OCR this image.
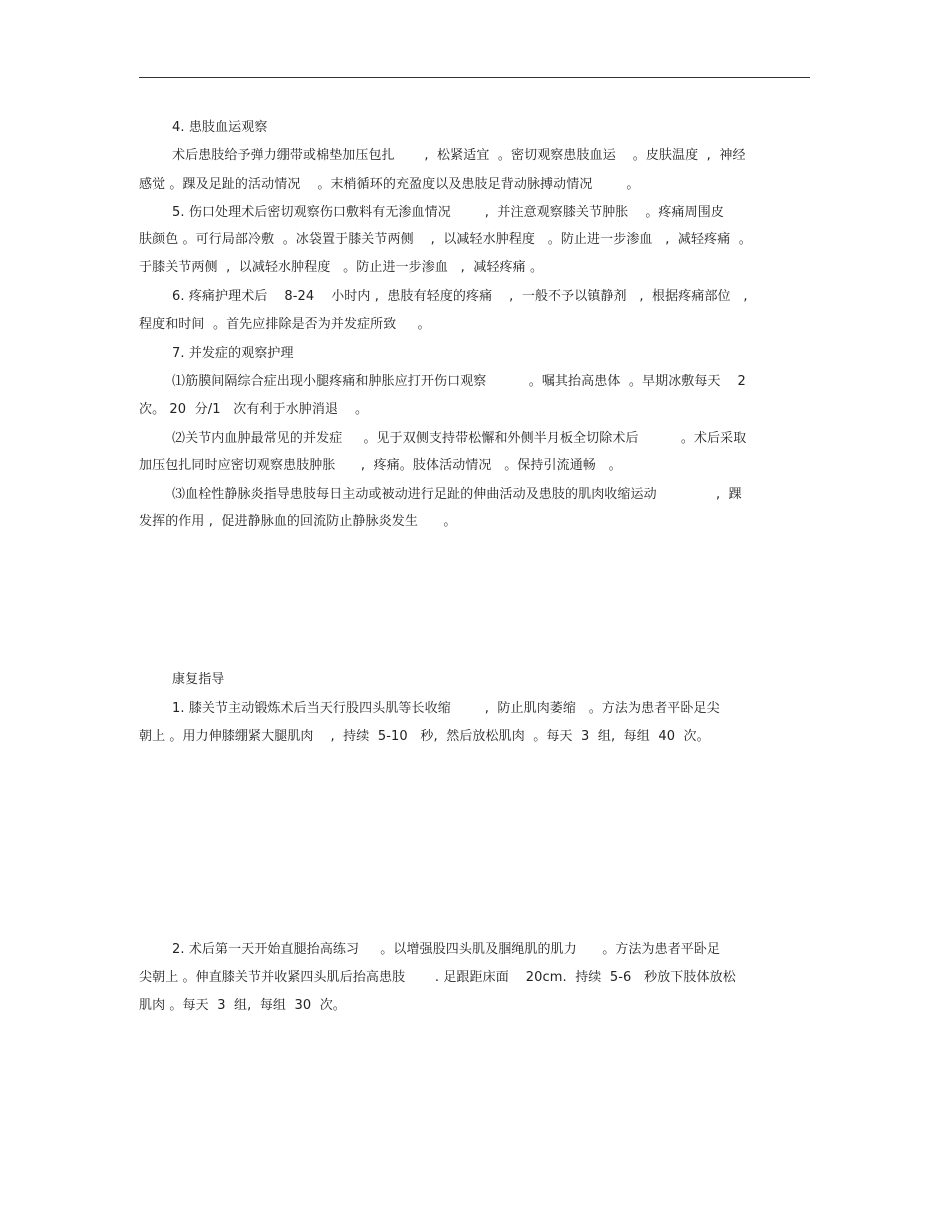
4. 患肢血运观察
术后患肢给予弹力绷带或棉垫加压包扎       ,  松紧适宜  。密切观察患肢血运    。皮肤温度  ,  神经
感觉 。踝及足趾的活动情况    。末梢循环的充盈度以及患肢足背动脉搏动情况        。
5. 伤口处理术后密切观察伤口敷料有无渗血情况        ,  并注意观察膝关节肿胀    。疼痛周围皮
肤颜色 。可行局部冷敷  。冰袋置于膝关节两侧    ,  以减轻水肿程度   。防止进一步渗血   ,  减轻疼痛  。
于膝关节两侧  ,  以减轻水肿程度   。防止进一步渗血   ,  减轻疼痛 。
6. 疼痛护理术后    8-24    小时内 ,  患肢有轻度的疼痛    ,  一般不予以镇静剂   ,  根据疼痛部位   ,
程度和时间  。首先应排除是否为并发症所致     。
7. 并发症的观察护理
⑴筋膜间隔综合症出现小腿疼痛和肿胀应打开伤口观察          。嘱其抬高患体  。早期冰敷每天    2
次。 20  分/1   次有利于水肿消退    。
⑵关节内血肿最常见的并发症     。见于双侧支持带松懈和外侧半月板全切除术后          。术后采取
加压包扎同时应密切观察患肢肿胀      ,  疼痛。肢体活动情况   。保持引流通畅   。
⑶血栓性静脉炎指导患肢每日主动或被动进行足趾的伸曲活动及患肢的肌肉收缩运动              ,  踝
发挥的作用 ,  促进静脉血的回流防止静脉炎发生      。
康复指导
1. 膝关节主动锻炼术后当天行股四头肌等长收缩        ,  防止肌肉萎缩   。方法为患者平卧足尖
朝上 。用力伸膝绷紧大腿肌肉    ,  持续  5-10   秒,  然后放松肌肉  。每天  3  组,  每组  40  次。
2. 术后第一天开始直腿抬高练习     。以增强股四头肌及腘绳肌的肌力      。方法为患者平卧足
尖朝上 。伸直膝关节并收紧四头肌后抬高患肢       . 足跟距床面    20cm.  持续  5-6   秒放下肢体放松
肌肉 。每天  3  组,  每组  30  次。
